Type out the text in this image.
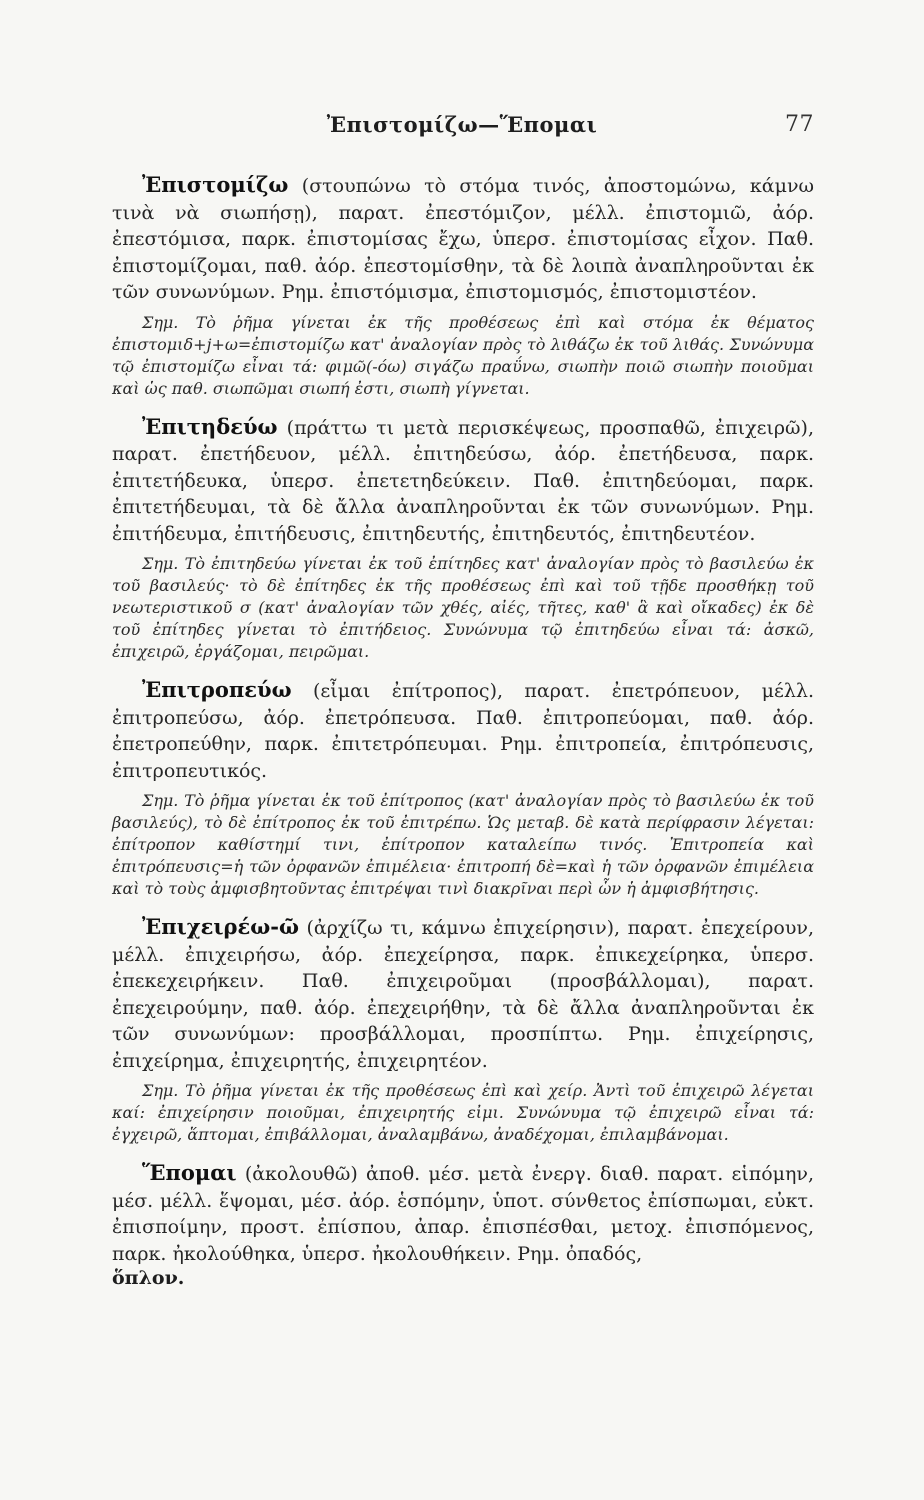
Ἐπιστομίζω—Ἕπομαι	77

Ἐπιστομίζω (στουπώνω τὸ στόμα τινός, ἀποστομώνω, κάμνω τινὰ νὰ σιωπήσῃ), παρατ. ἐπεστόμιζον, μέλλ. ἐπιστομιῶ, ἀόρ. ἐπεστόμισα, παρκ. ἐπιστομίσας ἔχω, ὑπερσ. ἐπιστομίσας εἶχον. Παθ. ἐπιστομίζομαι, παθ. ἀόρ. ἐπεστομίσθην, τὰ δὲ λοιπὰ ἀναπληροῦνται ἐκ τῶν συνωνύμων. Ρημ. ἐπιστόμισμα, ἐπιστομισμός, ἐπιστομιστέον.

Σημ. Τὸ ῥῆμα γίνεται ἐκ τῆς προθέσεως ἐπὶ καὶ στόμα ἐκ θέματος ἐπιστομιδ+j+ω=ἐπιστομίζω κατ' ἀναλογίαν πρὸς τὸ λιθάζω ἐκ τοῦ λιθάς. Συνώνυμα τῷ ἐπιστομίζω εἶναι τά: φιμῶ(-όω) σιγάζω πραΰνω, σιωπὴν ποιῶ σιωπὴν ποιοῦμαι καὶ ὡς παθ. σιωπῶμαι σιωπή ἐστι, σιωπὴ γίγνεται.

Ἐπιτηδεύω (πράττω τι μετὰ περισκέψεως, προσπαθῶ, ἐπιχειρῶ), παρατ. ἐπετήδευον, μέλλ. ἐπιτηδεύσω, ἀόρ. ἐπετήδευσα, παρκ. ἐπιτετήδευκα, ὑπερσ. ἐπετετηδεύκειν. Παθ. ἐπιτηδεύομαι, παρκ. ἐπιτετήδευμαι, τὰ δὲ ἄλλα ἀναπληροῦνται ἐκ τῶν συνωνύμων. Ρημ. ἐπιτήδευμα, ἐπιτήδευσις, ἐπιτηδευτής, ἐπιτηδευτός, ἐπιτηδευτέον.

Σημ. Τὸ ἐπιτηδεύω γίνεται ἐκ τοῦ ἐπίτηδες κατ' ἀναλογίαν πρὸς τὸ βασιλεύω ἐκ τοῦ βασιλεύς· τὸ δὲ ἐπίτηδες ἐκ τῆς προθέσεως ἐπὶ καὶ τοῦ τῇδε προσθήκῃ τοῦ νεωτεριστικοῦ σ (κατ' ἀναλογίαν τῶν χθές, αἰές, τῆτες, καθ' ἃ καὶ οἴκαδες) ἐκ δὲ τοῦ ἐπίτηδες γίνεται τὸ ἐπιτήδειος. Συνώνυμα τῷ ἐπιτηδεύω εἶναι τά: ἀσκῶ, ἐπιχειρῶ, ἐργάζομαι, πειρῶμαι.

Ἐπιτροπεύω (εἶμαι ἐπίτροπος), παρατ. ἐπετρόπευον, μέλλ. ἐπιτροπεύσω, ἀόρ. ἐπετρόπευσα. Παθ. ἐπιτροπεύομαι, παθ. ἀόρ. ἐπετροπεύθην, παρκ. ἐπιτετρόπευμαι. Ρημ. ἐπιτροπεία, ἐπιτρόπευσις, ἐπιτροπευτικός.

Σημ. Τὸ ῥῆμα γίνεται ἐκ τοῦ ἐπίτροπος (κατ' ἀναλογίαν πρὸς τὸ βασιλεύω ἐκ τοῦ βασιλεύς), τὸ δὲ ἐπίτροπος ἐκ τοῦ ἐπιτρέπω. Ὡς μεταβ. δὲ κατὰ περίφρασιν λέγεται: ἐπίτροπον καθίστημί τινι, ἐπίτροπον καταλείπω τινός. Ἐπιτροπεία καὶ ἐπιτρόπευσις=ἡ τῶν ὀρφανῶν ἐπιμέλεια· ἐπιτροπή δὲ=καὶ ἡ τῶν ὀρφανῶν ἐπιμέλεια καὶ τὸ τοὺς ἀμφισβητοῦντας ἐπιτρέψαι τινὶ διακρῖναι περὶ ὧν ἡ ἀμφισβήτησις.

Ἐπιχειρέω-ῶ (ἀρχίζω τι, κάμνω ἐπιχείρησιν), παρατ. ἐπεχείρουν, μέλλ. ἐπιχειρήσω, ἀόρ. ἐπεχείρησα, παρκ. ἐπικεχείρηκα, ὑπερσ. ἐπεκεχειρήκειν. Παθ. ἐπιχειροῦμαι (προσβάλλομαι), παρατ. ἐπεχειρούμην, παθ. ἀόρ. ἐπεχειρήθην, τὰ δὲ ἄλλα ἀναπληροῦνται ἐκ τῶν συνωνύμων: προσβάλλομαι, προσπίπτω. Ρημ. ἐπιχείρησις, ἐπιχείρημα, ἐπιχειρητής, ἐπιχειρητέον.

Σημ. Τὸ ῥῆμα γίνεται ἐκ τῆς προθέσεως ἐπὶ καὶ χείρ. Ἀντὶ τοῦ ἐπιχειρῶ λέγεται καί: ἐπιχείρησιν ποιοῦμαι, ἐπιχειρητής εἰμι. Συνώνυμα τῷ ἐπιχειρῶ εἶναι τά: ἐγχειρῶ, ἅπτομαι, ἐπιβάλλομαι, ἀναλαμβάνω, ἀναδέχομαι, ἐπιλαμβάνομαι.

Ἕπομαι (ἀκολουθῶ) ἀποθ. μέσ. μετὰ ἐνεργ. διαθ. παρατ. εἱπόμην, μέσ. μέλλ. ἕψομαι, μέσ. ἀόρ. ἑσπόμην, ὑποτ. σύνθετος ἐπίσπωμαι, εὐκτ. ἐπισποίμην, προστ. ἐπίσπου, ἀπαρ. ἐπισπέσθαι, μετοχ. ἐπισπόμενος, παρκ. ἠκολούθηκα, ὑπερσ. ἠκολουθήκειν. Ρημ. ὀπαδός,

ὅπλον.
